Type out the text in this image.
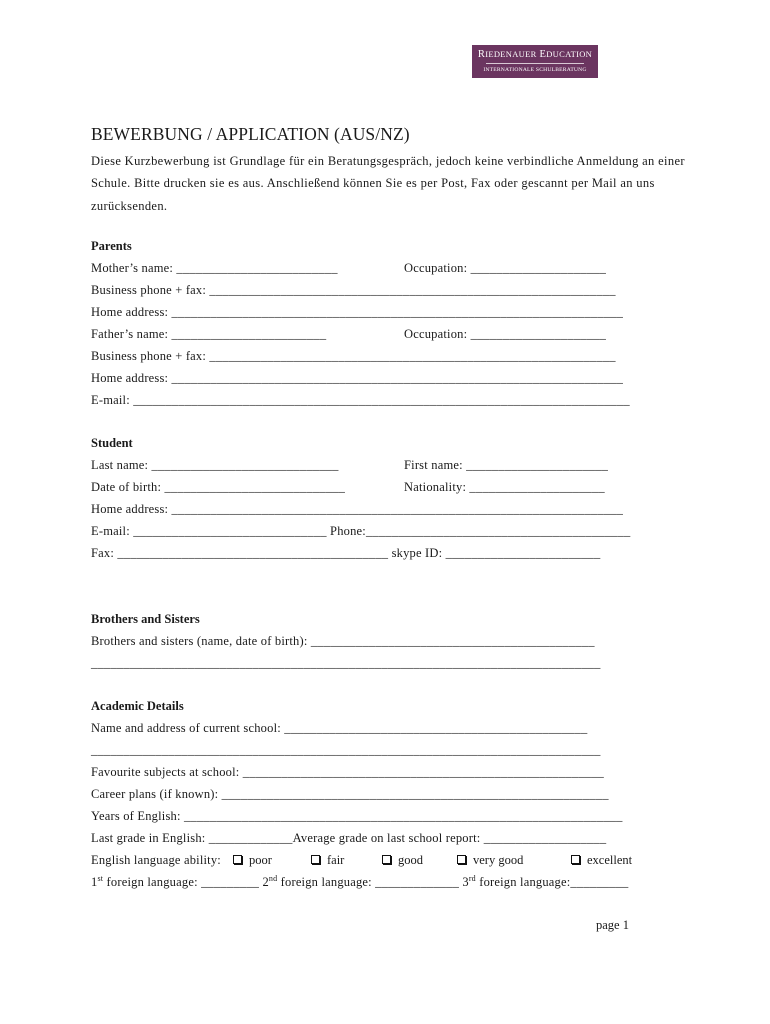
RIEDENAUER EDUCATION
INTERNATIONALE SCHULBERATUNG
BEWERBUNG / APPLICATION (AUS/NZ)
Diese Kurzbewerbung ist Grundlage für ein Beratungsgespräch, jedoch keine verbindliche Anmeldung an einer Schule. Bitte drucken sie es aus. Anschließend können Sie es per Post, Fax oder gescannt per Mail an uns zurücksenden.
Parents
Mother’s name: _________________________	Occupation: _____________________
Business phone + fax: _______________________________________________________________
Home address: ______________________________________________________________________
Father’s name: ________________________	Occupation: _____________________
Business phone + fax: _______________________________________________________________
Home address: ______________________________________________________________________
E-mail: _____________________________________________________________________________
Student
Last name: _____________________________	First name: ______________________
Date of birth: ____________________________	Nationality: _____________________
Home address: ______________________________________________________________________
E-mail: ______________________________ Phone:_________________________________________
Fax: __________________________________________ skype ID: ________________________
Brothers and Sisters
Brothers and sisters (name, date of birth): ____________________________________________
_______________________________________________________________________________
Academic Details
Name and address of current school: _______________________________________________
_______________________________________________________________________________
Favourite subjects at school: ________________________________________________________
Career plans (if known): ____________________________________________________________
Years of English: ____________________________________________________________________
Last grade in English: _____________Average grade on last school report: ___________________
English language ability:	poor	fair	good	very good	excellent
1st foreign language: _________ 2nd foreign language: _____________ 3rd foreign language:_________
page 1
